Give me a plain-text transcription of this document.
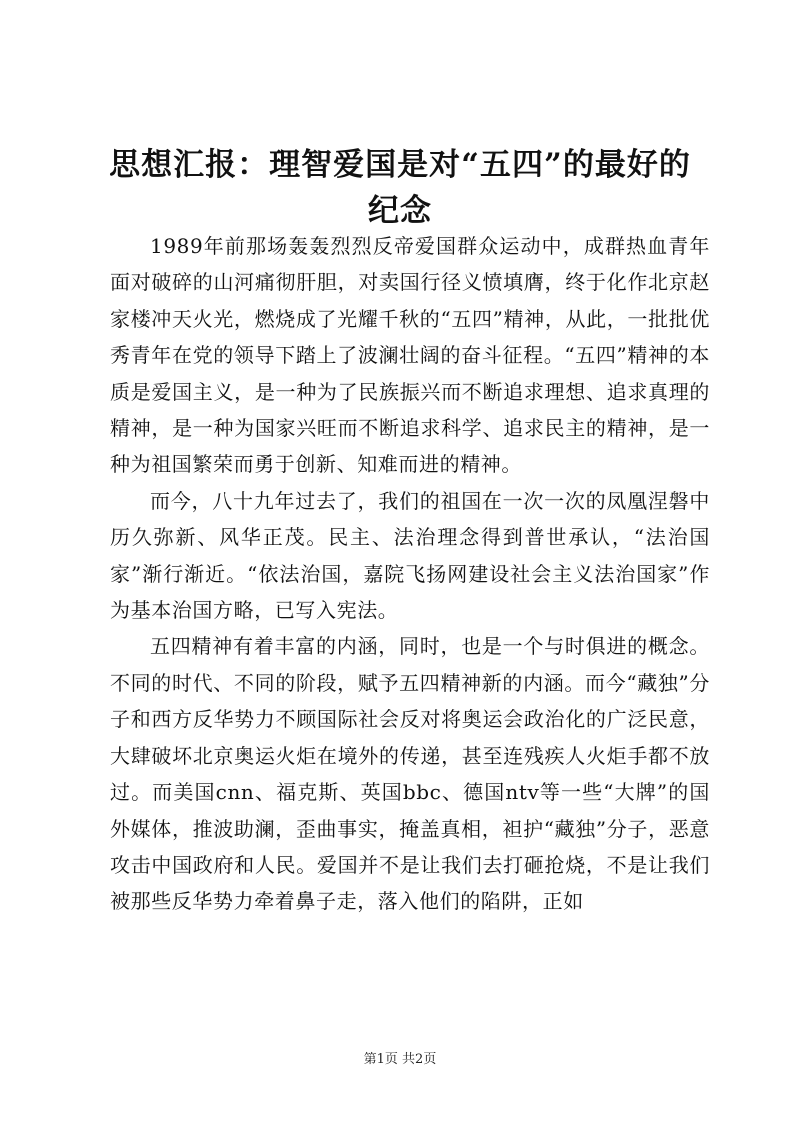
思想汇报：理智爱国是对“五四”的最好的纪念

1989年前那场轰轰烈烈反帝爱国群众运动中，成群热血青年面对破碎的山河痛彻肝胆，对卖国行径义愤填膺，终于化作北京赵家楼冲天火光，燃烧成了光耀千秋的“五四”精神，从此，一批批优秀青年在党的领导下踏上了波澜壮阔的奋斗征程。“五四”精神的本质是爱国主义，是一种为了民族振兴而不断追求理想、追求真理的精神，是一种为国家兴旺而不断追求科学、追求民主的精神，是一种为祖国繁荣而勇于创新、知难而进的精神。

而今，八十九年过去了，我们的祖国在一次一次的凤凰涅磐中历久弥新、风华正茂。民主、法治理念得到普世承认，“法治国家”渐行渐近。“依法治国，嘉院飞扬网建设社会主义法治国家”作为基本治国方略，已写入宪法。

五四精神有着丰富的内涵，同时，也是一个与时俱进的概念。不同的时代、不同的阶段，赋予五四精神新的内涵。而今“藏独”分子和西方反华势力不顾国际社会反对将奥运会政治化的广泛民意，大肆破坏北京奥运火炬在境外的传递，甚至连残疾人火炬手都不放过。而美国cnn、福克斯、英国bbc、德国ntv等一些“大牌”的国外媒体，推波助澜，歪曲事实，掩盖真相，袒护“藏独”分子，恶意攻击中国政府和人民。爱国并不是让我们去打砸抢烧，不是让我们被那些反华势力牵着鼻子走，落入他们的陷阱，正如

第1页 共2页
